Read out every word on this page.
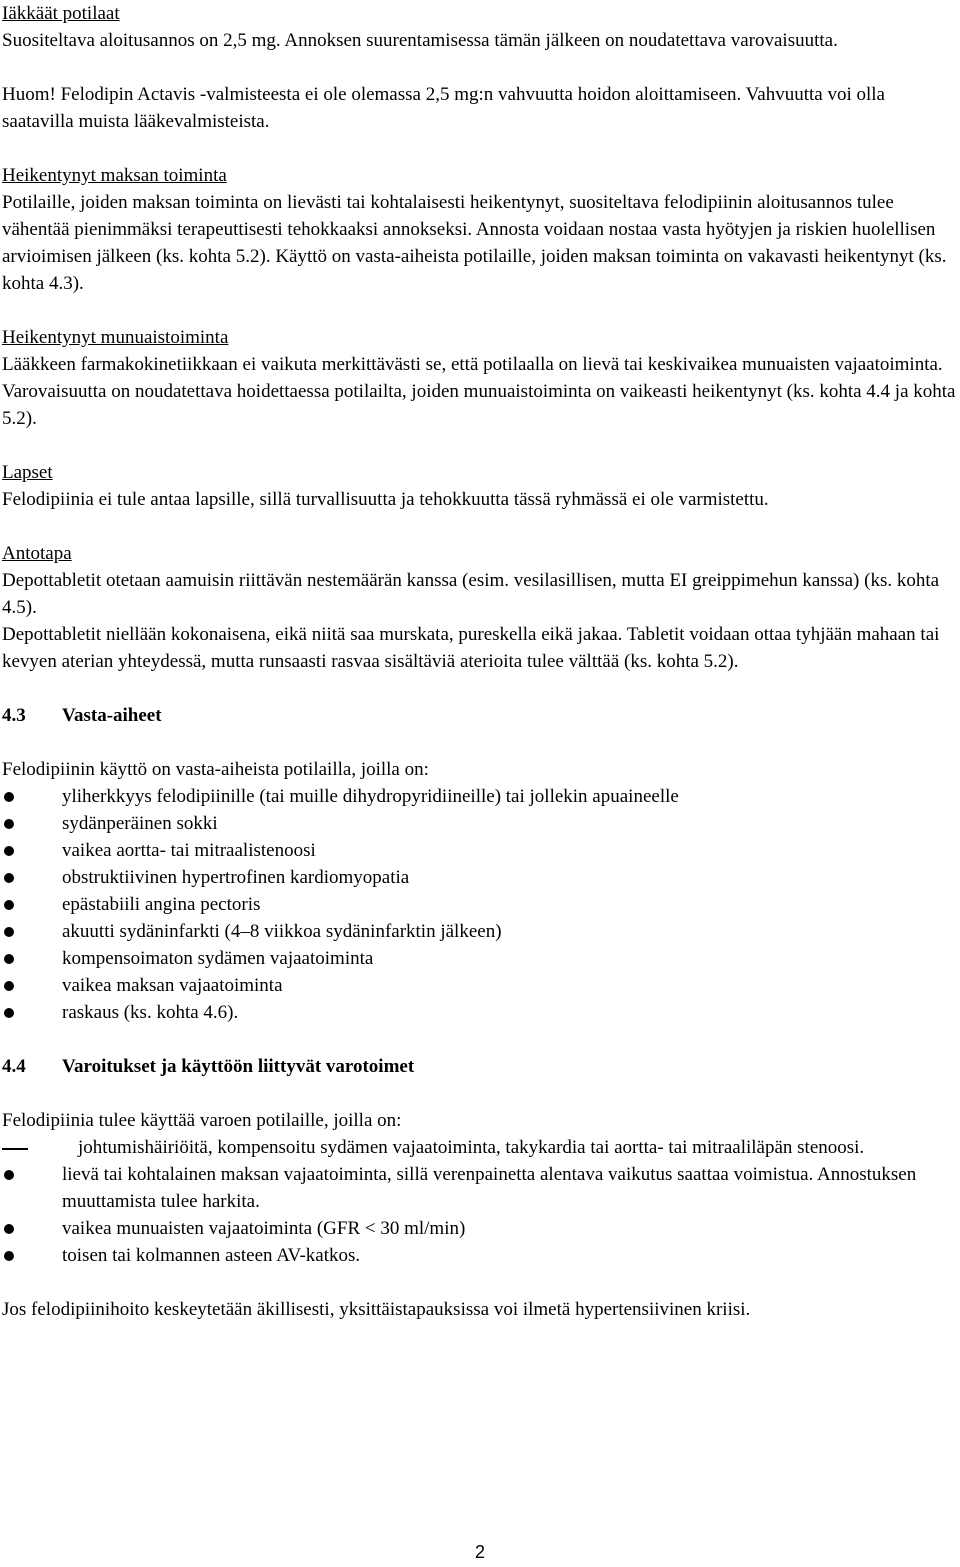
Iäkkäät potilaat

Suositeltava aloitusannos on 2,5 mg. Annoksen suurentamisessa tämän jälkeen on noudatettava varovaisuutta.

Huom! Felodipin Actavis -valmisteesta ei ole olemassa 2,5 mg:n vahvuutta hoidon aloittamiseen. Vahvuutta voi olla saatavilla muista lääkevalmisteista.

Heikentynyt maksan toiminta

Potilaille, joiden maksan toiminta on lievästi tai kohtalaisesti heikentynyt, suositeltava felodipiinin aloitusannos tulee vähentää pienimmäksi terapeuttisesti tehokkaaksi annokseksi. Annosta voidaan nostaa vasta hyötyjen ja riskien huolellisen arvioimisen jälkeen (ks. kohta 5.2). Käyttö on vasta-aiheista potilaille, joiden maksan toiminta on vakavasti heikentynyt (ks. kohta 4.3).

Heikentynyt munuaistoiminta

Lääkkeen farmakokinetiikkaan ei vaikuta merkittävästi se, että potilaalla on lievä tai keskivaikea munuaisten vajaatoiminta. Varovaisuutta on noudatettava hoidettaessa potilailta, joiden munuaistoiminta on vaikeasti heikentynyt (ks. kohta 4.4 ja kohta 5.2).

Lapset

Felodipiinia ei tule antaa lapsille, sillä turvallisuutta ja tehokkuutta tässä ryhmässä ei ole varmistettu.

Antotapa

Depottabletit otetaan aamuisin riittävän nestemäärän kanssa (esim. vesilasillisen, mutta EI greippimehun kanssa) (ks. kohta 4.5).

Depottabletit niellään kokonaisena, eikä niitä saa murskata, pureskella eikä jakaa. Tabletit voidaan ottaa tyhjään mahaan tai kevyen aterian yhteydessä, mutta runsaasti rasvaa sisältäviä aterioita tulee välttää (ks. kohta 5.2).

4.3	Vasta-aiheet

Felodipiinin käyttö on vasta-aiheista potilailla, joilla on:

yliherkkyys felodipiinille (tai muille dihydropyridiineille) tai jollekin apuaineelle
sydänperäinen sokki
vaikea aortta- tai mitraalistenoosi
obstruktiivinen hypertrofinen kardiomyopatia
epästabiili angina pectoris
akuutti sydäninfarkti (4–8 viikkoa sydäninfarktin jälkeen)
kompensoimaton sydämen vajaatoiminta
vaikea maksan vajaatoiminta
raskaus (ks. kohta 4.6).
4.4	Varoitukset ja käyttöön liittyvät varotoimet

Felodipiinia tulee käyttää varoen potilaille, joilla on:

johtumishäiriöitä, kompensoitu sydämen vajaatoiminta, takykardia tai aortta- tai mitraaliläpän stenoosi.
lievä tai kohtalainen maksan vajaatoiminta, sillä verenpainetta alentava vaikutus saattaa voimistua. Annostuksen muuttamista tulee harkita.
vaikea munuaisten vajaatoiminta (GFR < 30 ml/min)
toisen tai kolmannen asteen AV-katkos.

Jos felodipiinihoito keskeytetään äkillisesti, yksittäistapauksissa voi ilmetä hypertensiivinen kriisi.

2
